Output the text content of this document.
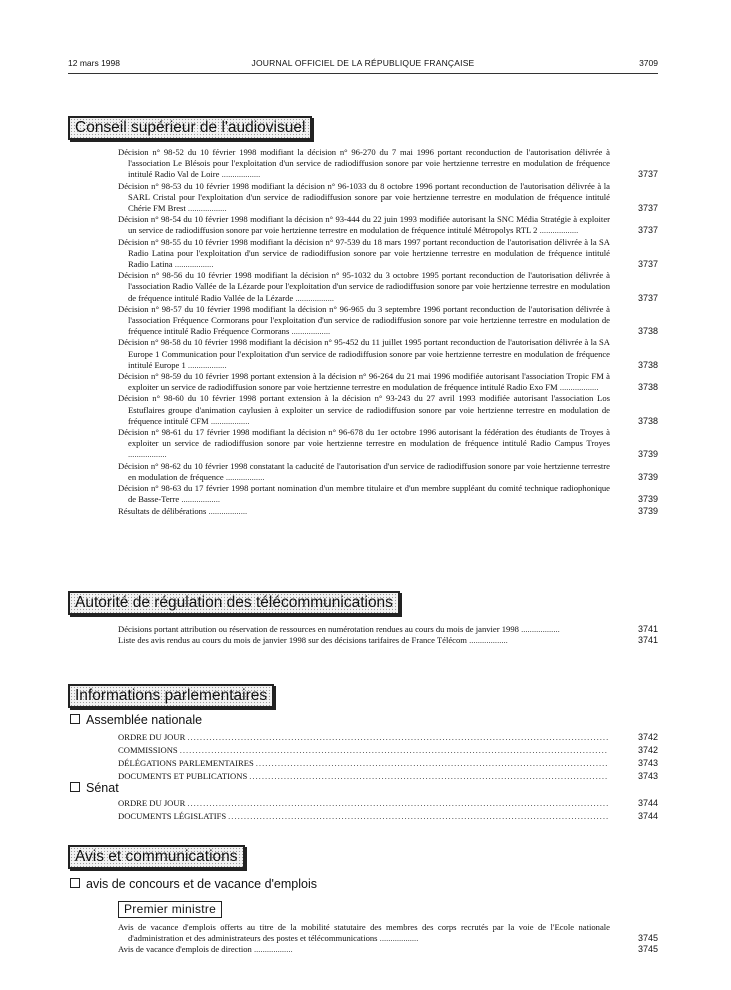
12 mars 1998	JOURNAL OFFICIEL DE LA RÉPUBLIQUE FRANÇAISE	3709
Conseil supérieur de l'audiovisuel
Décision n° 98-52 du 10 février 1998 modifiant la décision n° 96-270 du 7 mai 1996 portant reconduction de l'autorisation délivrée à l'association Le Blésois pour l'exploitation d'un service de radiodiffusion sonore par voie hertzienne terrestre en modulation de fréquence intitulé Radio Val de Loire ..................	3737
Décision n° 98-53 du 10 février 1998 modifiant la décision n° 96-1033 du 8 octobre 1996 portant reconduction de l'autorisation délivrée à la SARL Cristal pour l'exploitation d'un service de radiodiffusion sonore par voie hertzienne terrestre en modulation de fréquence intitulé Chérie FM Brest ..................	3737
Décision n° 98-54 du 10 février 1998 modifiant la décision n° 93-444 du 22 juin 1993 modifiée autorisant la SNC Média Stratégie à exploiter un service de radiodiffusion sonore par voie hertzienne terrestre en modulation de fréquence intitulé Métropolys RTL 2 ..................	3737
Décision n° 98-55 du 10 février 1998 modifiant la décision n° 97-539 du 18 mars 1997 portant reconduction de l'autorisation délivrée à la SA Radio Latina pour l'exploitation d'un service de radiodiffusion sonore par voie hertzienne terrestre en modulation de fréquence intitulé Radio Latina ..................	3737
Décision n° 98-56 du 10 février 1998 modifiant la décision n° 95-1032 du 3 octobre 1995 portant reconduction de l'autorisation délivrée à l'association Radio Vallée de la Lézarde pour l'exploitation d'un service de radiodiffusion sonore par voie hertzienne terrestre en modulation de fréquence intitulé Radio Vallée de la Lézarde ..................	3737
Décision n° 98-57 du 10 février 1998 modifiant la décision n° 96-965 du 3 septembre 1996 portant reconduction de l'autorisation délivrée à l'association Fréquence Cormorans pour l'exploitation d'un service de radiodiffusion sonore par voie hertzienne terrestre en modulation de fréquence intitulé Radio Fréquence Cormorans ..................	3738
Décision n° 98-58 du 10 février 1998 modifiant la décision n° 95-452 du 11 juillet 1995 portant reconduction de l'autorisation délivrée à la SA Europe 1 Communication pour l'exploitation d'un service de radiodiffusion sonore par voie hertzienne terrestre en modulation de fréquence intitulé Europe 1 ..................	3738
Décision n° 98-59 du 10 février 1998 portant extension à la décision n° 96-264 du 21 mai 1996 modifiée autorisant l'association Tropic FM à exploiter un service de radiodiffusion sonore par voie hertzienne terrestre en modulation de fréquence intitulé Radio Exo FM ..................	3738
Décision n° 98-60 du 10 février 1998 portant extension à la décision n° 93-243 du 27 avril 1993 modifiée autorisant l'association Los Estuflaires groupe d'animation caylusien à exploiter un service de radiodiffusion sonore par voie hertzienne terrestre en modulation de fréquence intitulé CFM ..................	3738
Décision n° 98-61 du 17 février 1998 modifiant la décision n° 96-678 du 1er octobre 1996 autorisant la fédération des étudiants de Troyes à exploiter un service de radiodiffusion sonore par voie hertzienne terrestre en modulation de fréquence intitulé Radio Campus Troyes ..................	3739
Décision n° 98-62 du 10 février 1998 constatant la caducité de l'autorisation d'un service de radiodiffusion sonore par voie hertzienne terrestre en modulation de fréquence ..................	3739
Décision n° 98-63 du 17 février 1998 portant nomination d'un membre titulaire et d'un membre suppléant du comité technique radiophonique de Basse-Terre ..................	3739
Résultats de délibérations ..................	3739
Autorité de régulation des télécommunications
Décisions portant attribution ou réservation de ressources en numérotation rendues au cours du mois de janvier 1998 ..................	3741
Liste des avis rendus au cours du mois de janvier 1998 sur des décisions tarifaires de France Télécom ..................	3741
Informations parlementaires
Assemblée nationale
ORDRE DU JOUR .....	3742
COMMISSIONS .....	3742
DÉLÉGATIONS PARLEMENTAIRES .....	3743
DOCUMENTS ET PUBLICATIONS .....	3743
Sénat
ORDRE DU JOUR .....	3744
DOCUMENTS LÉGISLATIFS .....	3744
Avis et communications
avis de concours et de vacance d'emplois
Premier ministre
Avis de vacance d'emplois offerts au titre de la mobilité statutaire des membres des corps recrutés par la voie de l'Ecole nationale d'administration et des administrateurs des postes et télécommunications ..................	3745
Avis de vacance d'emplois de direction ..................	3745
